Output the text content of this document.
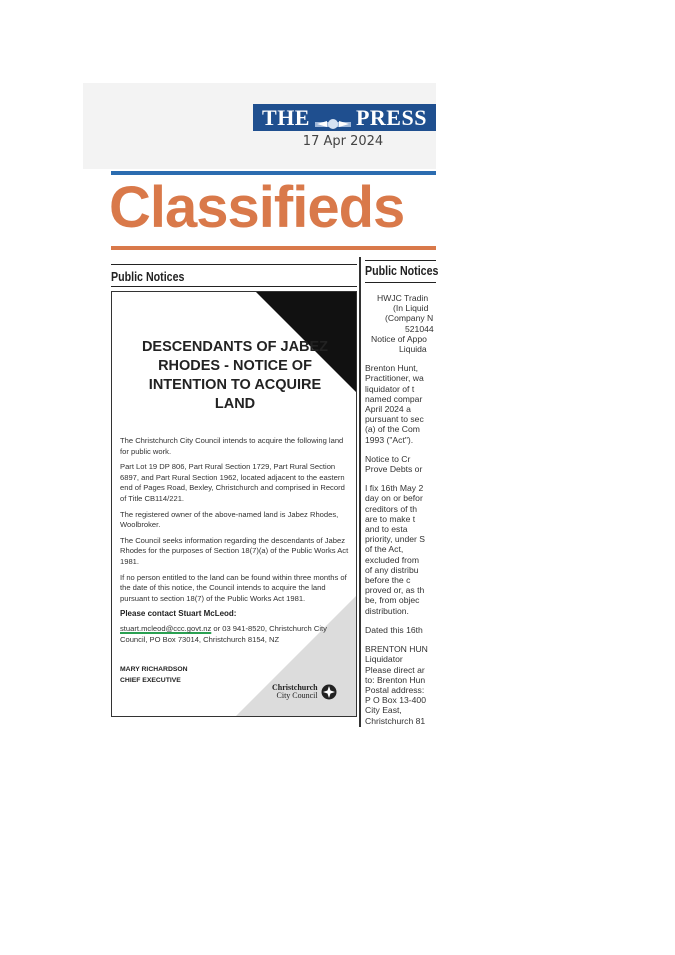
THE PRESS
17 Apr 2024
Classifieds
Public Notices	Public Notices
DESCENDANTS OF JABEZ RHODES - NOTICE OF INTENTION TO ACQUIRE LAND

The Christchurch City Council intends to acquire the following land for public work.

Part Lot 19 DP 806, Part Rural Section 1729, Part Rural Section 6897, and Part Rural Section 1962, located adjacent to the eastern end of Pages Road, Bexley, Christchurch and comprised in Record of Title CB114/221.

The registered owner of the above-named land is Jabez Rhodes, Woolbroker.

The Council seeks information regarding the descendants of Jabez Rhodes for the purposes of Section 18(7)(a) of the Public Works Act 1981.

If no person entitled to the land can be found within three months of the date of this notice, the Council intends to acquire the land pursuant to section 18(7) of the Public Works Act 1981.

Please contact Stuart McLeod:
stuart.mcleod@ccc.govt.nz or 03 941-8520, Christchurch City Council, PO Box 73014, Christchurch 8154, NZ
MARY RICHARDSON
CHIEF EXECUTIVE
Christchurch
City Council
HWJC Tradin
(In Liquid
(Company N
521044
Notice of Appo
Liquida

Brenton Hunt,
Practitioner, wa
liquidator of t
named compar
April 2024 a
pursuant to sec
(a) of the Com
1993 ("Act").

Notice to Cr
Prove Debts or

I fix 16th May 2
day on or befor
creditors of th
are to make t
and to esta
priority, under S
of the Act,
excluded from
of any distribu
before the c
proved or, as th
be, from objec
distribution.

Dated this 16th

BRENTON HUN
Liquidator
Please direct ar
to: Brenton Hun
Postal address:
P O Box 13-400
City East,
Christchurch 81
